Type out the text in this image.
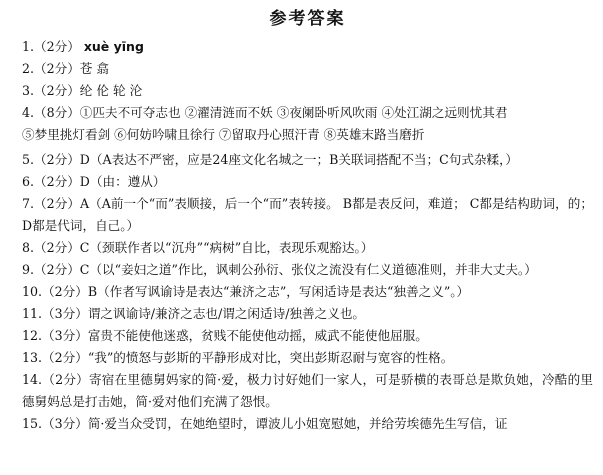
参考答案
1.（2分） xuè yīng
2.（2分）苍 翕
3.（2分）纶 伦 轮 沦
4.（8分）①匹夫不可夺志也 ②濯清涟而不妖 ③夜阑卧听风吹雨 ④处江湖之远则忧其君
⑤梦里挑灯看剑 ⑥何妨吟啸且徐行 ⑦留取丹心照汗青 ⑧英雄末路当磨折
5.（2分）D（A表达不严密，应是24座文化名城之一；B关联词搭配不当；C句式杂糅，）
6.（2分）D（由：遵从）
7.（2分）A（A前一个“而”表顺接，后一个“而”表转接。 B都是表反问，难道； C都是结构助词，的； D都是代词，自己。）
8.（2分）C（颈联作者以“沉舟”“病树”自比，表现乐观豁达。）
9.（2分）C（以“妾妇之道”作比，讽刺公孙衍、张仪之流没有仁义道德准则，并非大丈夫。）
10.（2分）B（作者写讽谕诗是表达“兼济之志”，写闲适诗是表达“独善之义”。）
11.（3分）谓之讽谕诗/兼济之志也/谓之闲适诗/独善之义也。
12.（3分）富贵不能使他迷惑，贫贱不能使他动摇，威武不能使他屈服。
13.（2分）“我”的愤怒与彭斯的平静形成对比，突出彭斯忍耐与宽容的性格。
14.（2分）寄宿在里德舅妈家的简·爱，极力讨好她们一家人，可是骄横的表哥总是欺负她，冷酷的里德舅妈总是打击她，简·爱对他们充满了怨恨。
15.（3分）简·爱当众受罚，在她绝望时，谭波儿小姐宽慰她，并给劳埃德先生写信，证
